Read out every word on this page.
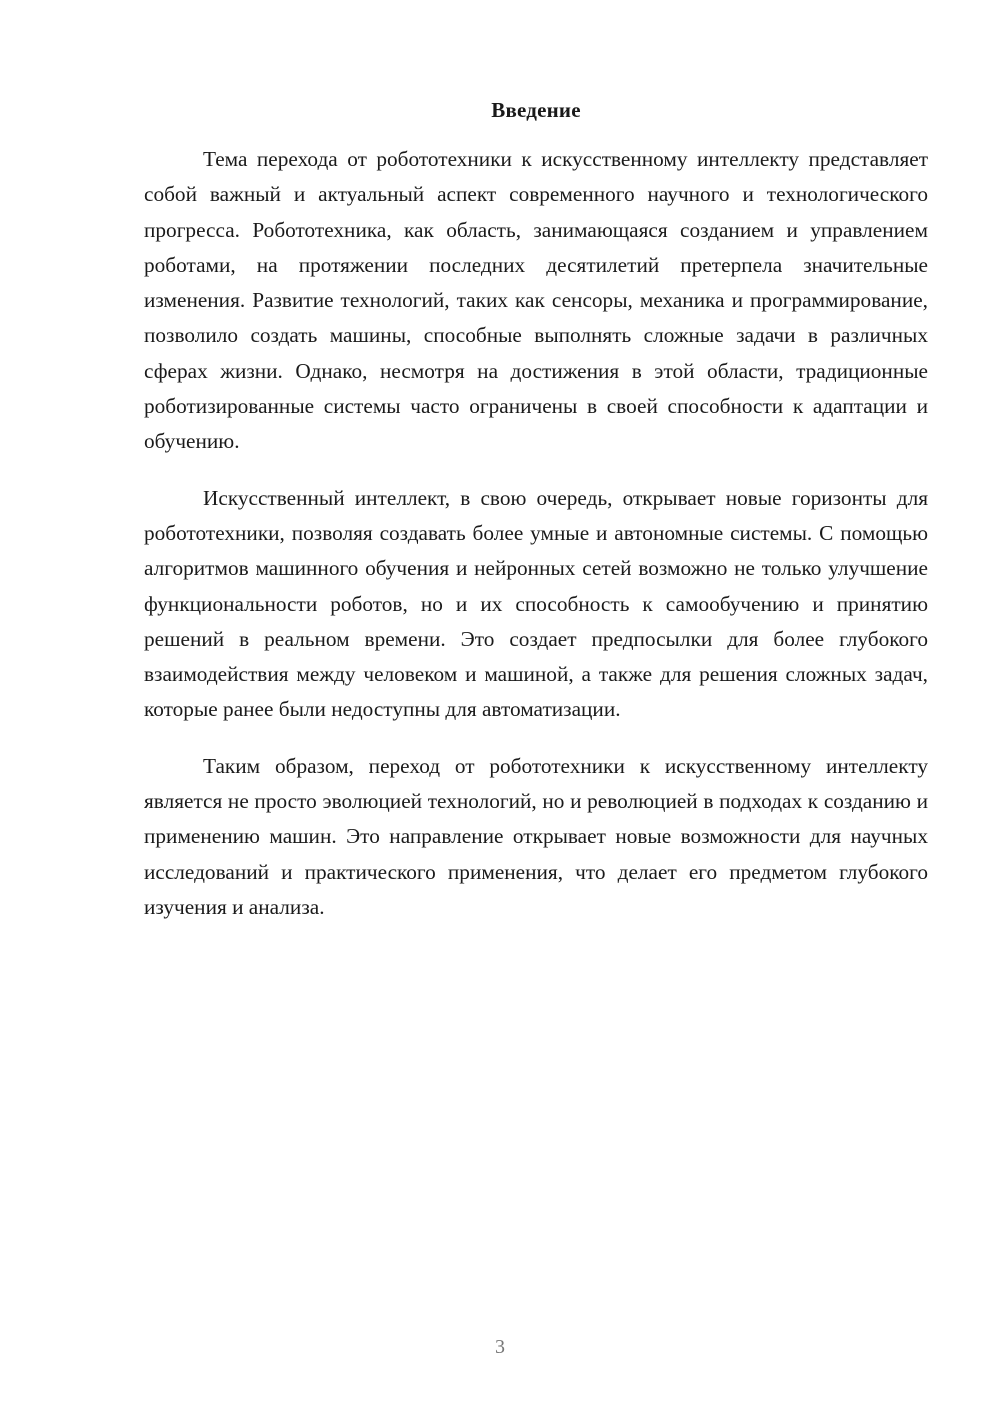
Введение

Тема перехода от робототехники к искусственному интеллекту представляет собой важный и актуальный аспект современного научного и технологического прогресса. Робототехника, как область, занимающаяся созданием и управлением роботами, на протяжении последних десятилетий претерпела значительные изменения. Развитие технологий, таких как сенсоры, механика и программирование, позволило создать машины, способные выполнять сложные задачи в различных сферах жизни. Однако, несмотря на достижения в этой области, традиционные роботизированные системы часто ограничены в своей способности к адаптации и обучению.

Искусственный интеллект, в свою очередь, открывает новые горизонты для робототехники, позволяя создавать более умные и автономные системы. С помощью алгоритмов машинного обучения и нейронных сетей возможно не только улучшение функциональности роботов, но и их способность к самообучению и принятию решений в реальном времени. Это создает предпосылки для более глубокого взаимодействия между человеком и машиной, а также для решения сложных задач, которые ранее были недоступны для автоматизации.

Таким образом, переход от робототехники к искусственному интеллекту является не просто эволюцией технологий, но и революцией в подходах к созданию и применению машин. Это направление открывает новые возможности для научных исследований и практического применения, что делает его предметом глубокого изучения и анализа.

3
